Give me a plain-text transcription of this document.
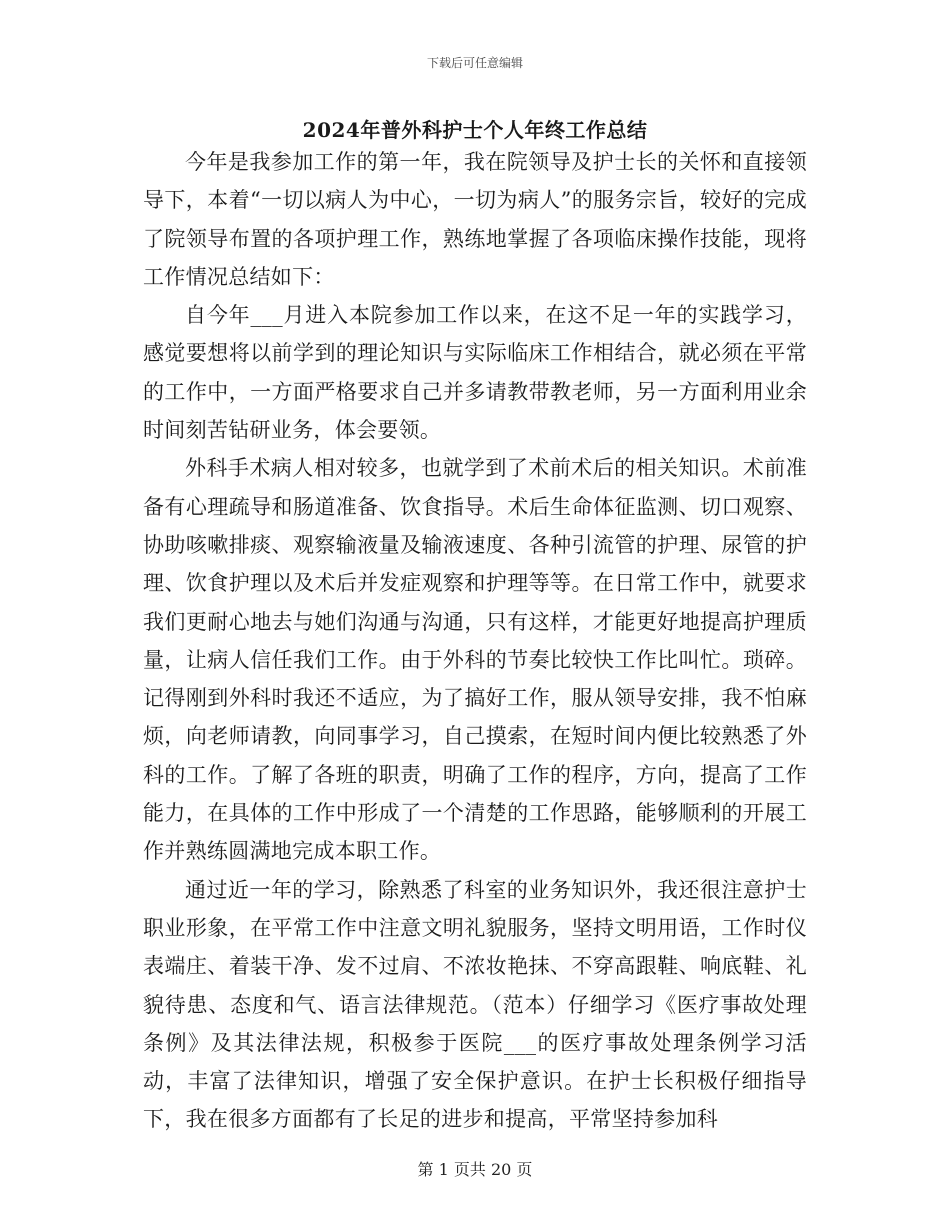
下载后可任意编辑
2024年普外科护士个人年终工作总结

今年是我参加工作的第一年，我在院领导及护士长的关怀和直接领导下，本着“一切以病人为中心，一切为病人”的服务宗旨，较好的完成了院领导布置的各项护理工作，熟练地掌握了各项临床操作技能，现将工作情况总结如下：

自今年___月进入本院参加工作以来，在这不足一年的实践学习，感觉要想将以前学到的理论知识与实际临床工作相结合，就必须在平常的工作中，一方面严格要求自己并多请教带教老师，另一方面利用业余时间刻苦钻研业务，体会要领。

外科手术病人相对较多，也就学到了术前术后的相关知识。术前准备有心理疏导和肠道准备、饮食指导。术后生命体征监测、切口观察、协助咳嗽排痰、观察输液量及输液速度、各种引流管的护理、尿管的护理、饮食护理以及术后并发症观察和护理等等。在日常工作中，就要求我们更耐心地去与她们沟通与沟通，只有这样，才能更好地提高护理质量，让病人信任我们工作。由于外科的节奏比较快工作比叫忙。琐碎。记得刚到外科时我还不适应，为了搞好工作，服从领导安排，我不怕麻烦，向老师请教，向同事学习，自己摸索，在短时间内便比较熟悉了外科的工作。了解了各班的职责，明确了工作的程序，方向，提高了工作能力，在具体的工作中形成了一个清楚的工作思路，能够顺利的开展工作并熟练圆满地完成本职工作。

通过近一年的学习，除熟悉了科室的业务知识外，我还很注意护士职业形象，在平常工作中注意文明礼貌服务，坚持文明用语，工作时仪表端庄、着装干净、发不过肩、不浓妆艳抹、不穿高跟鞋、响底鞋、礼貌待患、态度和气、语言法律规范。（范本）仔细学习《医疗事故处理条例》及其法律法规，积极参于医院___的医疗事故处理条例学习活动，丰富了法律知识，增强了安全保护意识。在护士长积极仔细指导下，我在很多方面都有了长足的进步和提高，平常坚持参加科

第 1 页共 20 页
